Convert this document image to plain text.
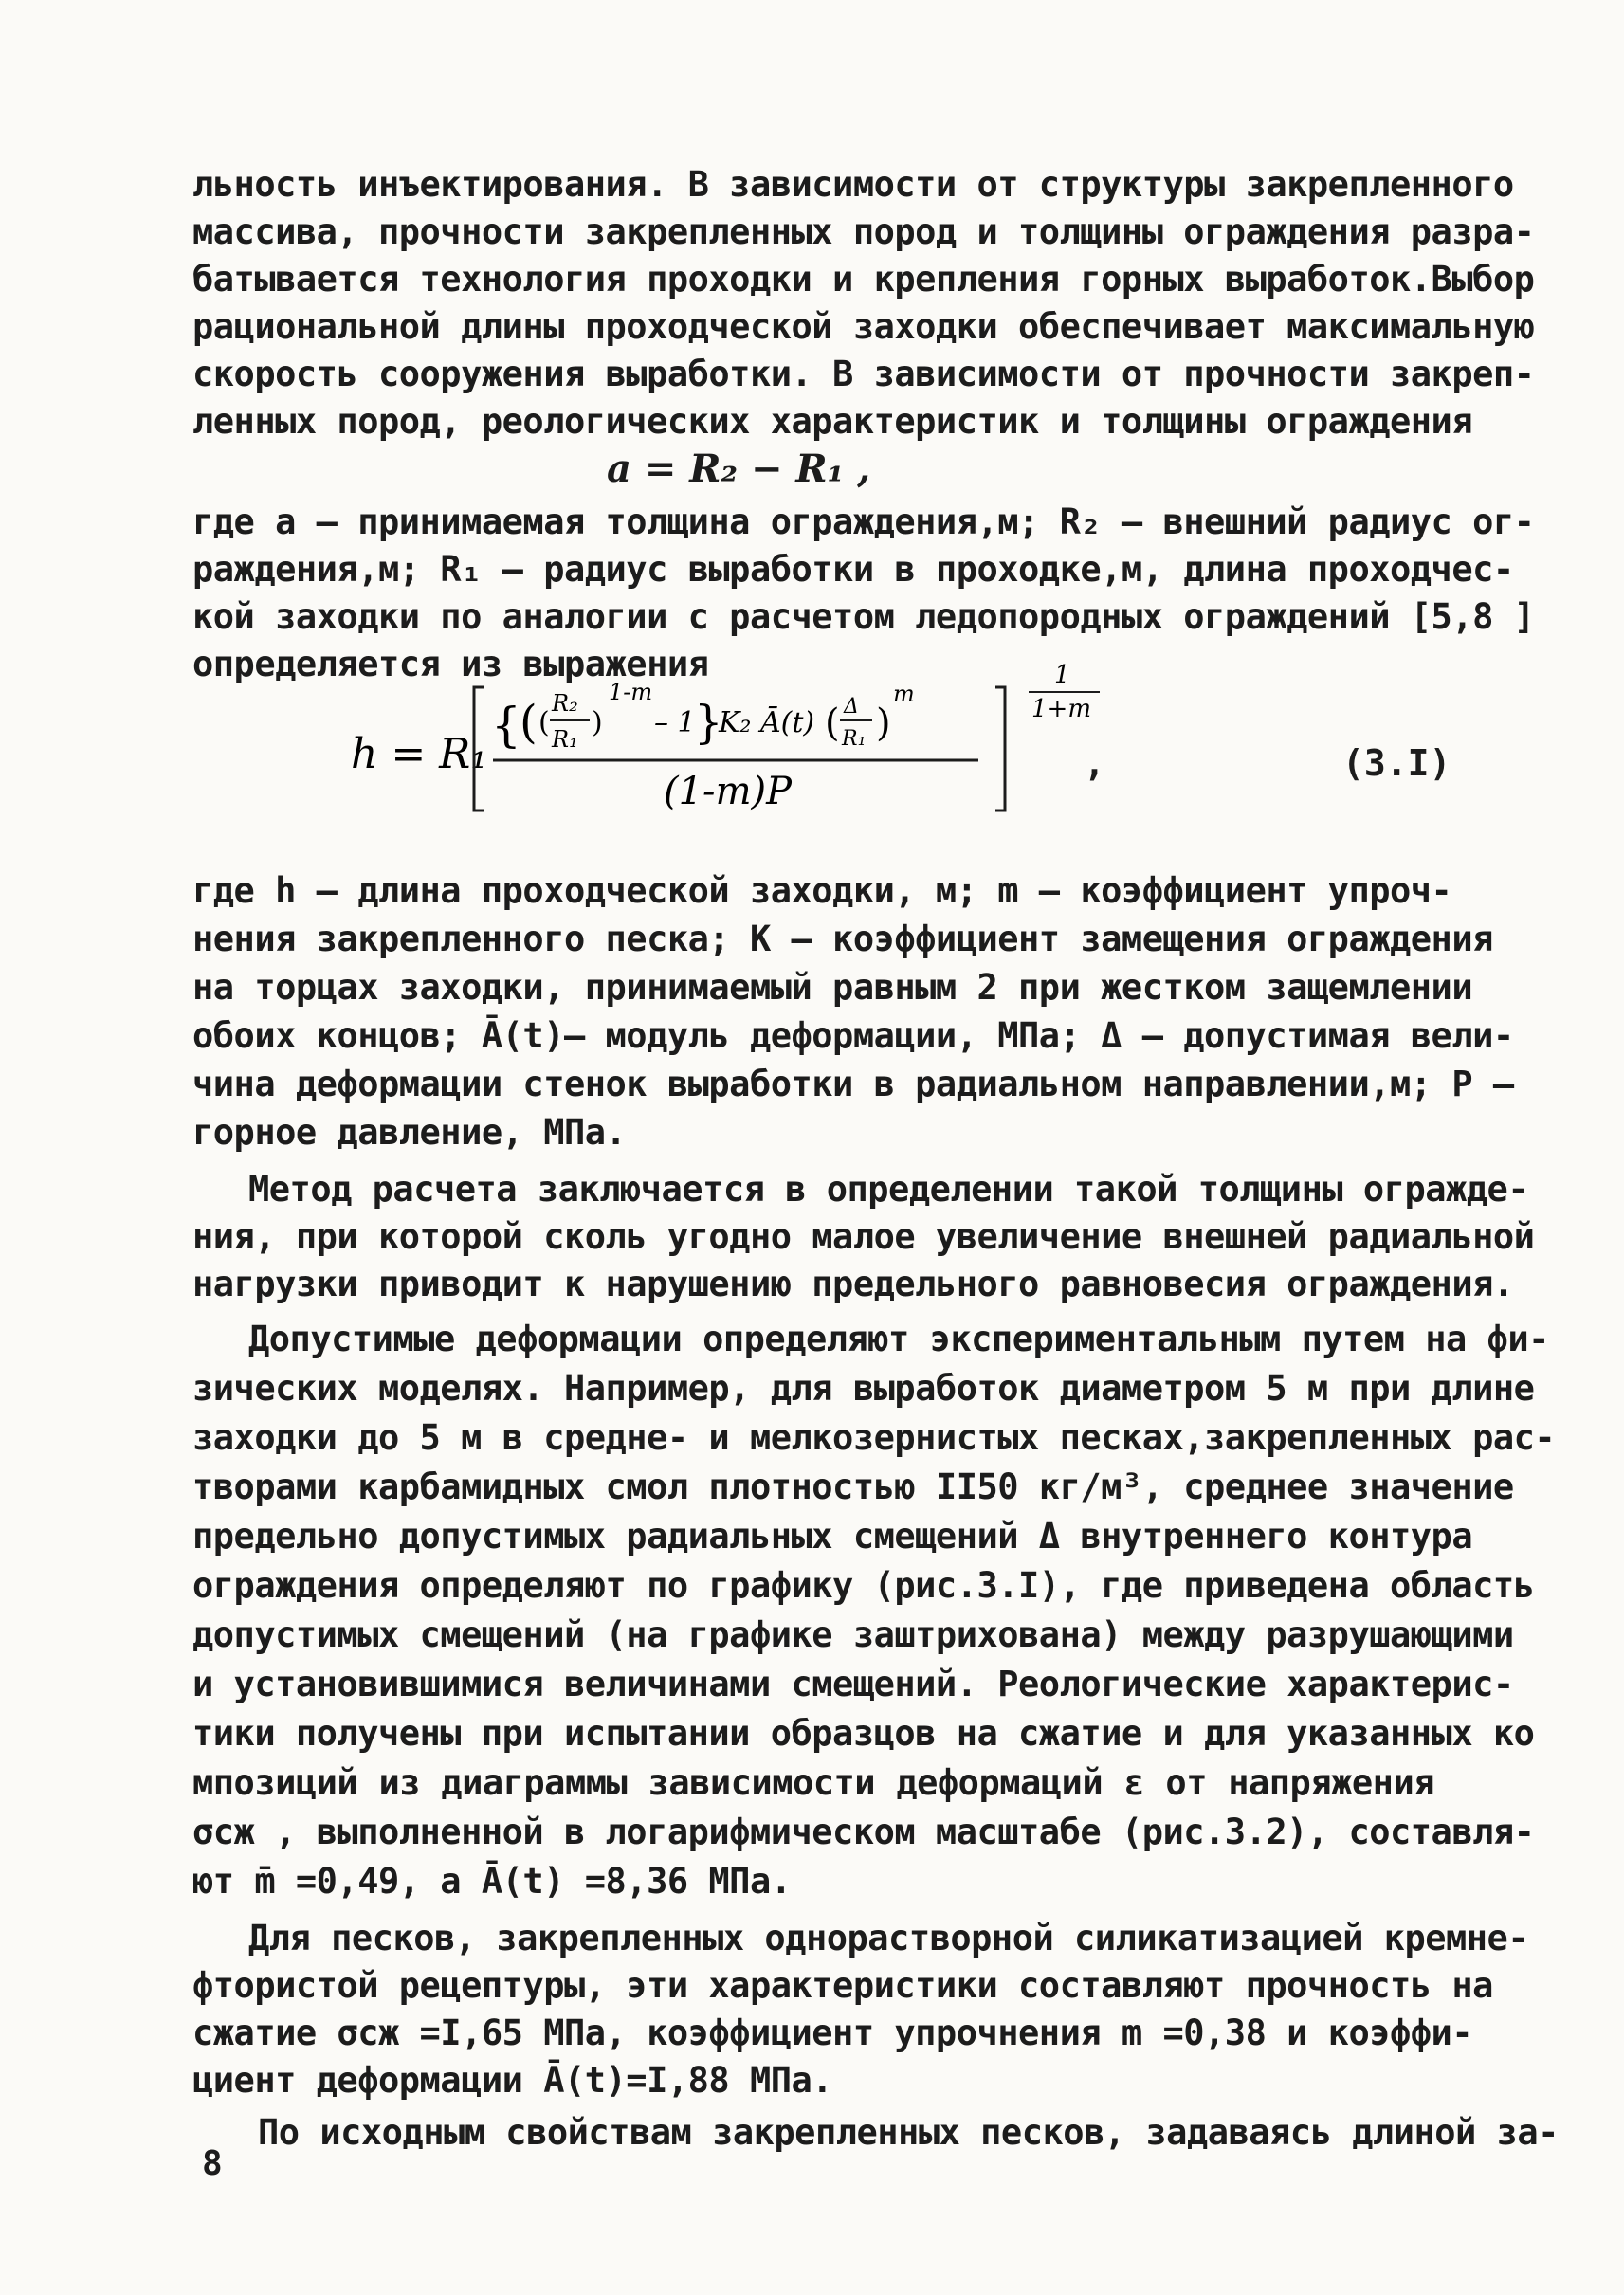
льность инъектирования. В зависимости от структуры закрепленного
массива, прочности закрепленных пород и толщины ограждения разра-
батывается технология проходки и крепления горных выработок.Выбор
рациональной длины проходческой заходки обеспечивает максимальную
скорость сооружения выработки. В зависимости от прочности закреп-
ленных пород, реологических характеристик и толщины ограждения
a = R₂ − R₁ ,
где a – принимаемая толщина ограждения,м; R₂ – внешний радиус ог-
раждения,м; R₁ – радиус выработки в проходке,м, длина проходчес-
кой заходки по аналогии с расчетом ледопородных ограждений [5,8 ]
определяется из выражения
h = R₁
{
( (
R₂
R₁ )
1-m
– 1
}
K₂ Ā(t) ( Δ
R₁ )
m
(1-m)P
1
1+m
,	(3.I)
где h – длина проходческой заходки, м; m – коэффициент упроч-
нения закрепленного песка; K – коэффициент замещения ограждения
на торцах заходки, принимаемый равным 2 при жестком защемлении
обоих концов; Ā(t)– модуль деформации, МПа; Δ – допустимая вели-
чина деформации стенок выработки в радиальном направлении,м; P –
горное давление, МПа.
Метод расчета заключается в определении такой толщины огражде-
ния, при которой сколь угодно малое увеличение внешней радиальной
нагрузки приводит к нарушению предельного равновесия ограждения.
Допустимые деформации определяют экспериментальным путем на фи-
зических моделях. Например, для выработок диаметром 5 м при длине
заходки до 5 м в средне- и мелкозернистых песках,закрепленных рас-
творами карбамидных смол плотностью II50 кг/м³, среднее значение
предельно допустимых радиальных смещений Δ внутреннего контура
ограждения определяют по графику (рис.3.I), где приведена область
допустимых смещений (на графике заштрихована) между разрушающими
и установившимися величинами смещений. Реологические характерис-
тики получены при испытании образцов на сжатие и для указанных ко
мпозиций из диаграммы зависимости деформаций ε от напряжения
σсж , выполненной в логарифмическом масштабе (рис.3.2), составля-
ют m̄ =0,49, а Ā(t) =8,36 МПа.
Для песков, закрепленных однорастворной силикатизацией кремне-
фтористой рецептуры, эти характеристики составляют прочность на
сжатие σсж =I,65 МПа, коэффициент упрочнения m =0,38 и коэффи-
циент деформации Ā(t)=I,88 МПа.
По исходным свойствам закрепленных песков, задаваясь длиной за-
8
